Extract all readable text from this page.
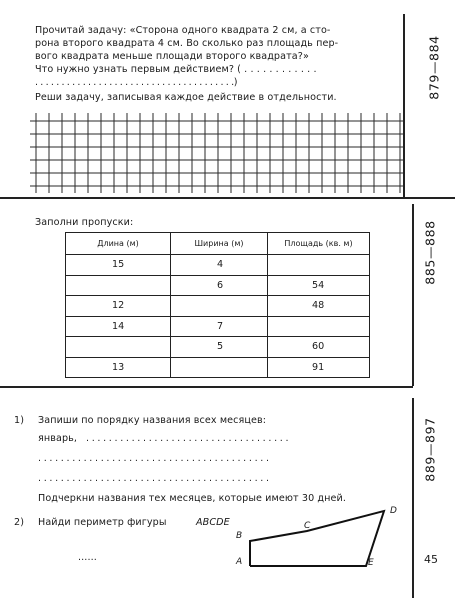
879—884
Прочитай задачу: «Сторона одного квадрата 2 см, а сто-
рона второго квадрата 4 см. Во сколько раз площадь пер-
вого квадрата меньше площади второго квадрата?»
Что нужно узнать первым действием? ( . . . . . . . . . . . .
. . . . . . . . . . . . . . . . . . . . . . . . . . . . . . . . . . . . . .)
Реши задачу, записывая каждое действие в отдельности.
885—888
Заполни пропуски:
Длина (м)	Ширина (м)	Площадь (кв. м)
15	4	
	6	54
12		48
14	7	
	5	60
13		91
889—897
1) Запиши по порядку названия всех месяцев:
январь, . . . . . . . . . . . . . . . . . . . . . . . . . . . . . . . . . . . .
. . . . . . . . . . . . . . . . . . . . . . . . . . . . . . . . . . . . . . . . .
. . . . . . . . . . . . . . . . . . . . . . . . . . . . . . . . . . . . . . . . .
Подчеркни названия тех месяцев, которые имеют 30 дней.
2) Найди периметр фигуры	ABCDE
......	A
B
C
D
E	45
